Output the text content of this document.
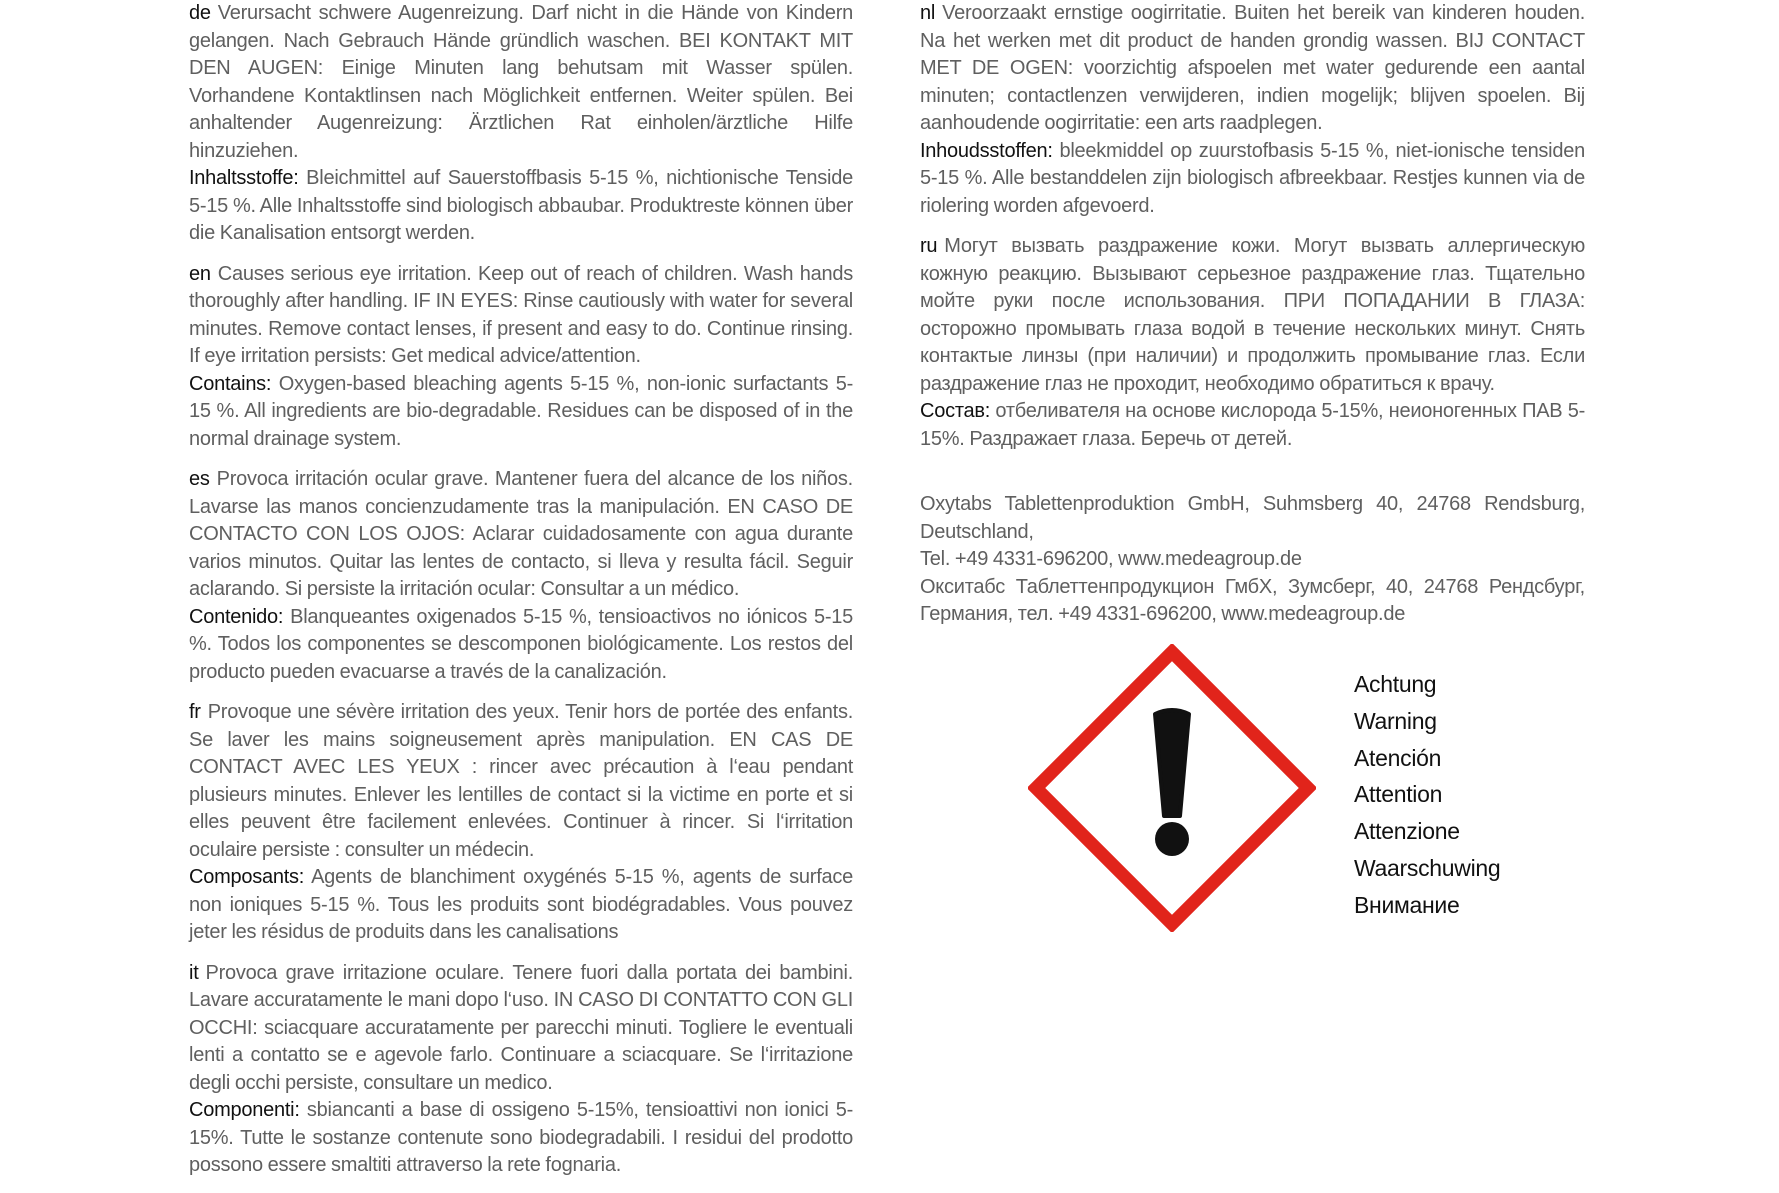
de Verursacht schwere Augenreizung. Darf nicht in die Hände von Kindern gelangen. Nach Gebrauch Hände gründlich waschen. BEI KONTAKT MIT DEN AUGEN: Einige Minuten lang behutsam mit Wasser spülen. Vorhandene Kontaktlinsen nach Möglichkeit entfernen. Weiter spülen. Bei anhaltender Augenreizung: Ärztlichen Rat einholen/ärztliche Hilfe hinzuziehen.

Inhaltsstoffe: Bleichmittel auf Sauerstoffbasis 5-15 %, nichtionische Tenside 5-15 %. Alle Inhaltsstoffe sind biologisch abbaubar. Produktreste können über die Kanalisation entsorgt werden.

en Causes serious eye irritation. Keep out of reach of children. Wash hands thoroughly after handling. IF IN EYES: Rinse cautiously with water for several minutes. Remove contact lenses, if present and easy to do. Continue rinsing. If eye irritation persists: Get medical advice/attention.

Contains: Oxygen-based bleaching agents 5-15 %, non-ionic surfactants 5-15 %. All ingredients are bio-degradable. Residues can be disposed of in the normal drainage system.

es Provoca irritación ocular grave. Mantener fuera del alcance de los niños. Lavarse las manos concienzudamente tras la manipulación. EN CASO DE CONTACTO CON LOS OJOS: Aclarar cuidadosamente con agua durante varios minutos. Quitar las lentes de contacto, si lleva y resulta fácil. Seguir aclarando. Si persiste la irritación ocular: Consultar a un médico.

Contenido: Blanqueantes oxigenados 5-15 %, tensioactivos no iónicos 5-15 %. Todos los componentes se descomponen biológicamente. Los restos del producto pueden evacuarse a través de la canalización.

fr Provoque une sévère irritation des yeux. Tenir hors de portée des enfants. Se laver les mains soigneusement après manipulation. EN CAS DE CONTACT AVEC LES YEUX : rincer avec précaution à l‘eau pendant plusieurs minutes. Enlever les lentilles de contact si la victime en porte et si elles peuvent être facilement enlevées. Continuer à rincer. Si l‘irritation oculaire persiste : consulter un médecin.

Composants: Agents de blanchiment oxygénés 5-15 %, agents de surface non ioniques 5-15 %. Tous les produits sont biodégradables. Vous pouvez jeter les résidus de produits dans les canalisations

it Provoca grave irritazione oculare. Tenere fuori dalla portata dei bambini. Lavare accuratamente le mani dopo l‘uso. IN CASO DI CONTATTO CON GLI OCCHI: sciacquare accuratamente per parecchi minuti. Togliere le eventuali lenti a contatto se e agevole farlo. Continuare a sciacquare. Se l‘irritazione degli occhi persiste, consultare un medico.

Componenti: sbiancanti a base di ossigeno 5-15%, tensioattivi non ionici 5-15%. Tutte le sostanze contenute sono biodegradabili. I residui del prodotto possono essere smaltiti attraverso la rete fognaria.

nl Veroorzaakt ernstige oogirritatie. Buiten het bereik van kinderen houden. Na het werken met dit product de handen grondig wassen. BIJ CONTACT MET DE OGEN: voorzichtig afspoelen met water gedurende een aantal minuten; contactlenzen verwijderen, indien mogelijk; blijven spoelen. Bij aanhoudende oogirritatie: een arts raadplegen.

Inhoudsstoffen: bleekmiddel op zuurstofbasis 5-15 %, niet-ionische tensiden 5-15 %. Alle bestanddelen zijn biologisch afbreekbaar. Restjes kunnen via de riolering worden afgevoerd.

ru Могут вызвать раздражение кожи. Могут вызвать аллергическую кожную реакцию. Вызывают серьезное раздражение глаз. Тщательно мойте руки после использования. ПРИ ПОПАДАНИИ В ГЛАЗА: осторожно промывать глаза водой в течение нескольких минут. Снять контактые линзы (при наличии) и продолжить промывание глаз. Если раздражение глаз не проходит, необходимо обратиться к врачу.

Состав: отбеливателя на основе кислорода 5-15%, неионогенных ПАВ 5-15%. Раздражает глаза. Беречь от детей.

Oxytabs Tablettenproduktion GmbH, Suhmsberg 40, 24768 Rendsburg, Deutschland,

Tel. +49 4331-696200, www.medeagroup.de

Окситабс Таблеттенпродукцион ГмбХ, Зумсберг, 40, 24768 Рендсбург, Германия, тел. +49 4331-696200, www.medeagroup.de

Achtung
Warning
Atención
Attention
Attenzione
Waarschuwing
Внимание
